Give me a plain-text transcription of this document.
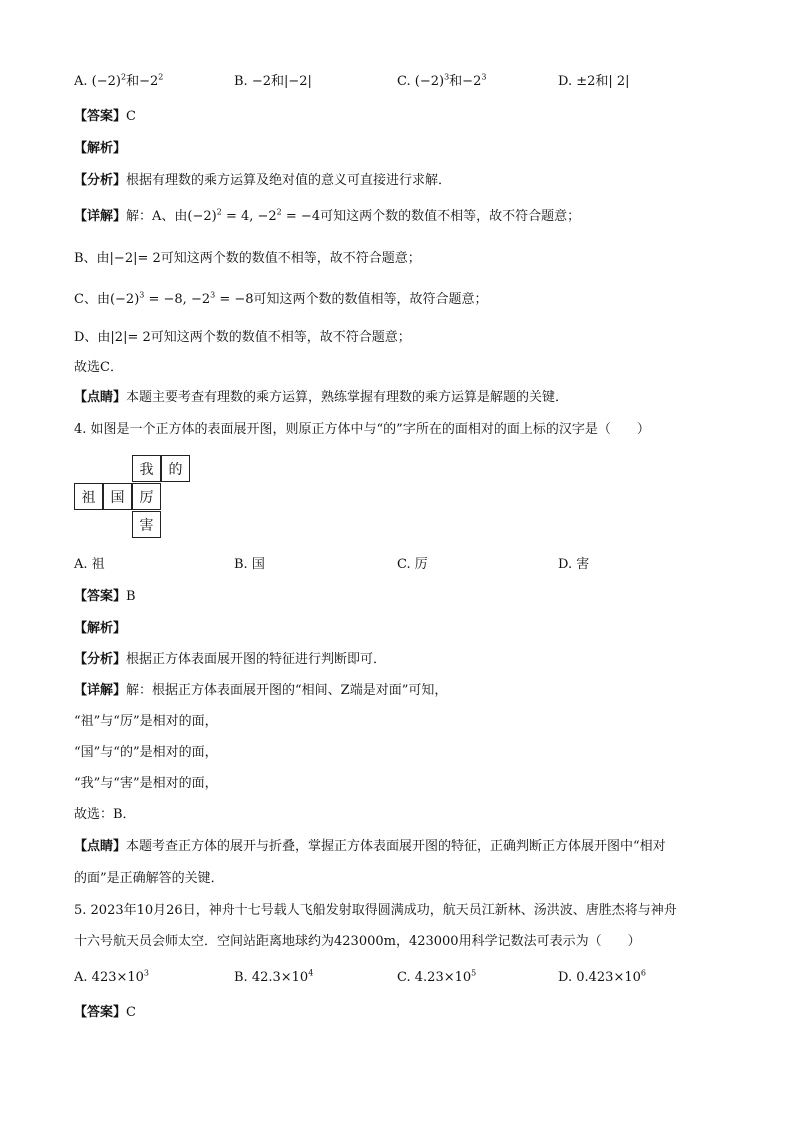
A. $(-2)^2$和$-2^2$	B. −2和|−2|	C. $(-2)^3$和$-2^3$	D. ±2和| 2|
【答案】C
【解析】
【分析】根据有理数的乘方运算及绝对值的意义可直接进行求解．
【详解】解：A、由$(-2)^2 = 4$, $-2^2 = -4$可知这两个数的数值不相等，故不符合题意；
B、由|−2|= 2可知这两个数的数值不相等，故不符合题意；
C、由$(-2)^3 = -8$, $-2^3 = -8$可知这两个数的数值相等，故符合题意；
D、由|2|= 2可知这两个数的数值不相等，故不符合题意；
故选C．
【点睛】本题主要考查有理数的乘方运算，熟练掌握有理数的乘方运算是解题的关键．
4. 如图是一个正方体的表面展开图，则原正方体中与“的”字所在的面相对的面上标的汉字是（　　）
我	的
祖	国	厉
害
A. 祖	B. 国	C. 厉	D. 害
【答案】B
【解析】
【分析】根据正方体表面展开图的特征进行判断即可．
【详解】解：根据正方体表面展开图的“相间、Z端是对面”可知，
“祖”与“厉”是相对的面，
“国”与“的”是相对的面，
“我”与“害”是相对的面，
故选：B．
【点睛】本题考查正方体的展开与折叠，掌握正方体表面展开图的特征，正确判断正方体展开图中“相对
的面”是正确解答的关键．
5. 2023年10月26日，神舟十七号载人飞船发射取得圆满成功，航天员江新林、汤洪波、唐胜杰将与神舟
十六号航天员会师太空．空间站距离地球约为423000m，423000用科学记数法可表示为（　　）
A. $423\times 10^3$	B. $42.3\times 10^4$	C. $4.23\times 10^5$	D. $0.423\times 10^6$
【答案】C
